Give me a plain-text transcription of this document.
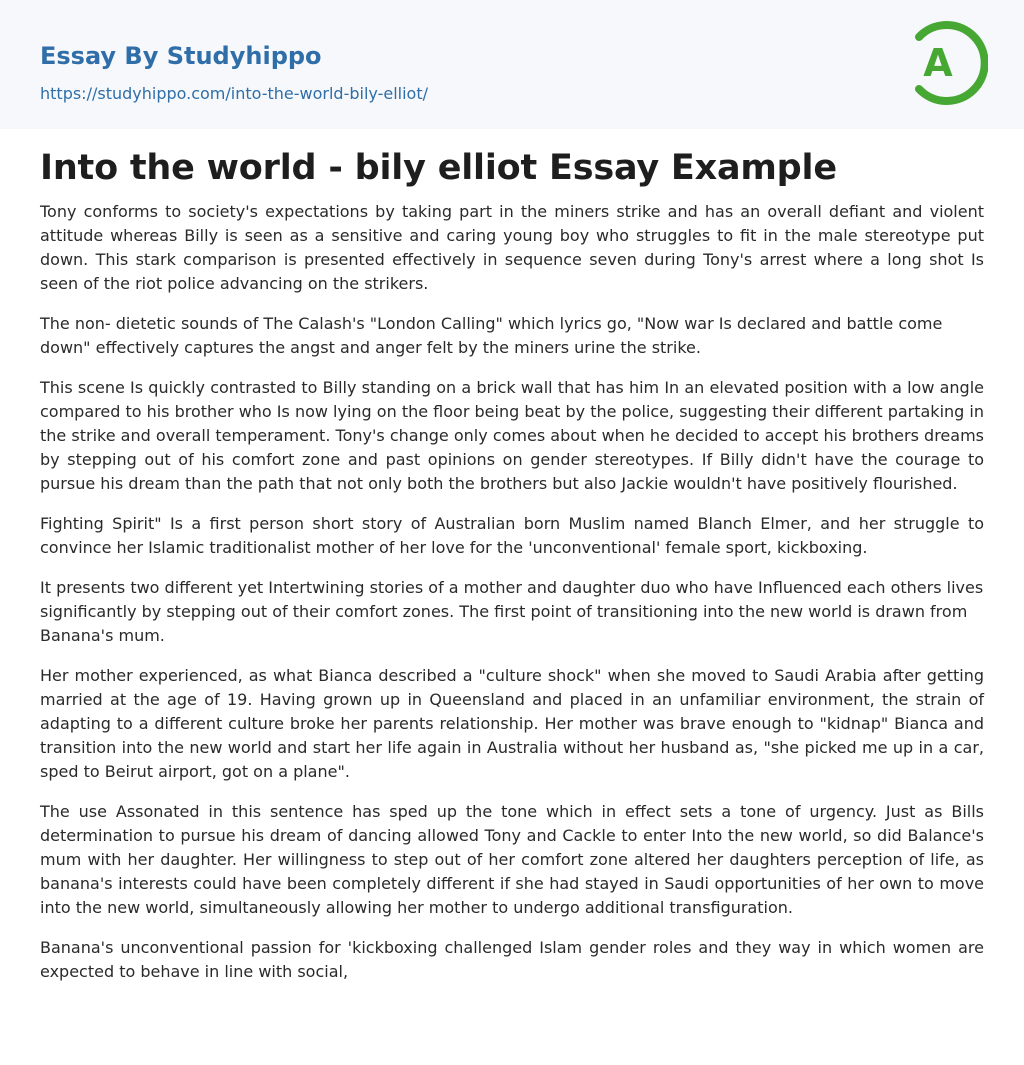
Essay By Studyhippo
https://studyhippo.com/into-the-world-bily-elliot/
A
Into the world - bily elliot Essay Example

Tony conforms to society's expectations by taking part in the miners strike and has an overall defiant and violent attitude whereas Billy is seen as a sensitive and caring young boy who struggles to fit in the male stereotype put down. This stark comparison is presented effectively in sequence seven during Tony's arrest where a long shot Is seen of the riot police advancing on the strikers.

The non- dietetic sounds of The Calash's "London Calling" which lyrics go, "Now war Is declared and battle come down" effectively captures the angst and anger felt by the miners urine the strike.

This scene Is quickly contrasted to Billy standing on a brick wall that has him In an elevated position with a low angle compared to his brother who Is now lying on the floor being beat by the police, suggesting their different partaking in the strike and overall temperament. Tony's change only comes about when he decided to accept his brothers dreams by stepping out of his comfort zone and past opinions on gender stereotypes. If Billy didn't have the courage to pursue his dream than the path that not only both the brothers but also Jackie wouldn't have positively flourished.

Fighting Spirit" Is a first person short story of Australian born Muslim named Blanch Elmer, and her struggle to convince her Islamic traditionalist mother of her love for the 'unconventional' female sport, kickboxing.

It presents two different yet Intertwining stories of a mother and daughter duo who have Influenced each others lives significantly by stepping out of their comfort zones. The first point of transitioning into the new world is drawn from Banana's mum.

Her mother experienced, as what Bianca described a "culture shock" when she moved to Saudi Arabia after getting married at the age of 19. Having grown up in Queensland and placed in an unfamiliar environment, the strain of adapting to a different culture broke her parents relationship. Her mother was brave enough to "kidnap" Bianca and transition into the new world and start her life again in Australia without her husband as, "she picked me up in a car, sped to Beirut airport, got on a plane".

The use Assonated in this sentence has sped up the tone which in effect sets a tone of urgency. Just as Bills determination to pursue his dream of dancing allowed Tony and Cackle to enter Into the new world, so did Balance's mum with her daughter. Her willingness to step out of her comfort zone altered her daughters perception of life, as banana's interests could have been completely different if she had stayed in Saudi opportunities of her own to move into the new world, simultaneously allowing her mother to undergo additional transfiguration.

Banana's unconventional passion for 'kickboxing challenged Islam gender roles and they way in which women are expected to behave in line with social,
